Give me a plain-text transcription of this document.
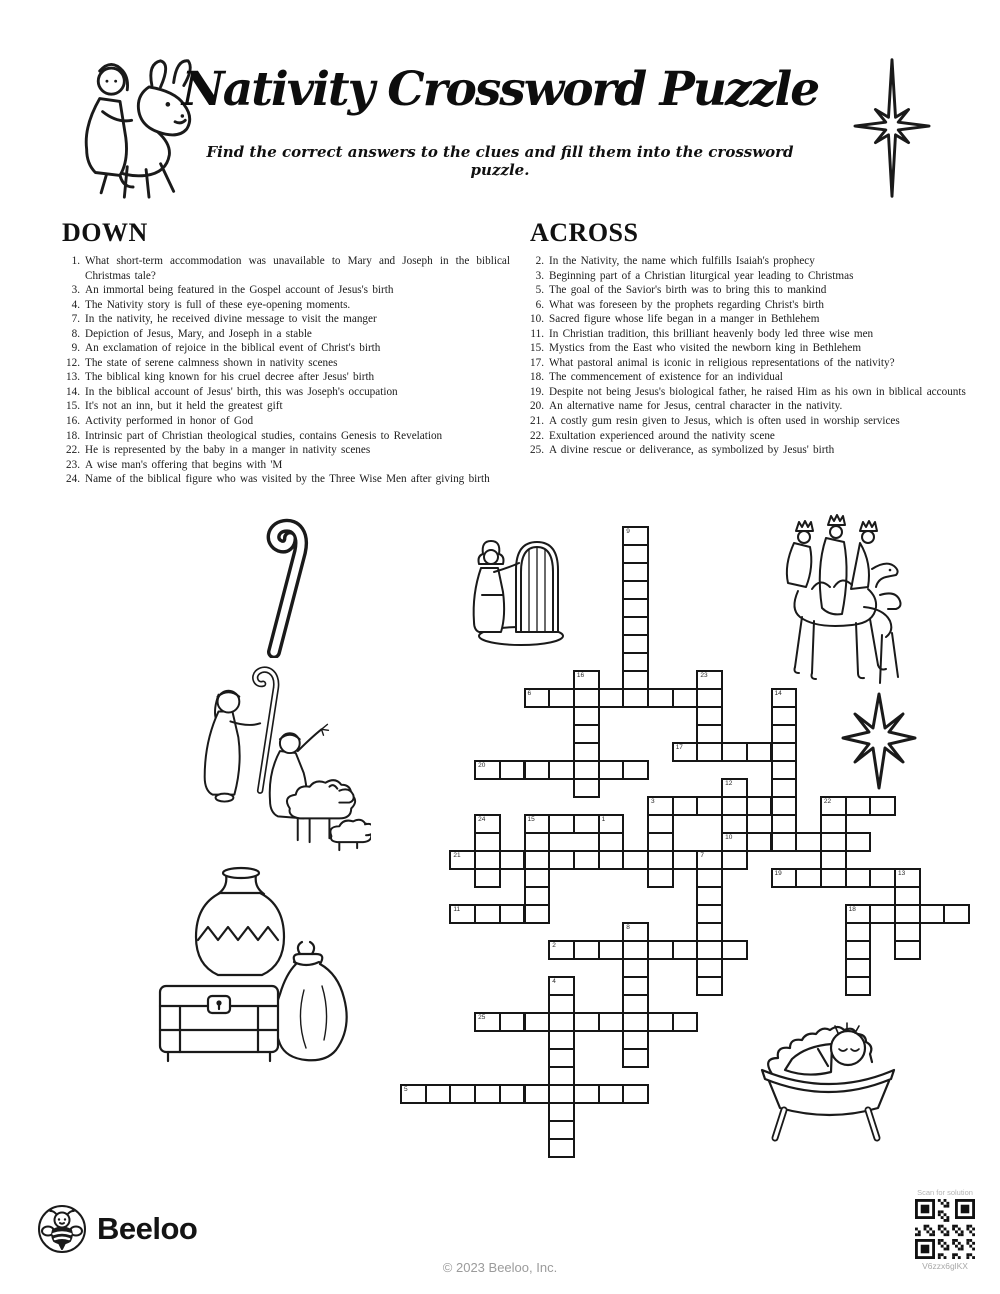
Nativity Crossword Puzzle
Find the correct answers to the clues and fill them into the crossword puzzle.
DOWN
1. What short-term accommodation was unavailable to Mary and Joseph in the biblical Christmas tale?
3. An immortal being featured in the Gospel account of Jesus's birth
4. The Nativity story is full of these eye-opening moments.
7. In the nativity, he received divine message to visit the manger
8. Depiction of Jesus, Mary, and Joseph in a stable
9. An exclamation of rejoice in the biblical event of Christ's birth
12. The state of serene calmness shown in nativity scenes
13. The biblical king known for his cruel decree after Jesus' birth
14. In the biblical account of Jesus' birth, this was Joseph's occupation
15. It's not an inn, but it held the greatest gift
16. Activity performed in honor of God
18. Intrinsic part of Christian theological studies, contains Genesis to Revelation
22. He is represented by the baby in a manger in nativity scenes
23. A wise man's offering that begins with 'M
24. Name of the biblical figure who was visited by the Three Wise Men after giving birth
ACROSS
2. In the Nativity, the name which fulfills Isaiah's prophecy
3. Beginning part of a Christian liturgical year leading to Christmas
5. The goal of the Savior's birth was to bring this to mankind
6. What was foreseen by the prophets regarding Christ's birth
10. Sacred figure whose life began in a manger in Bethlehem
11. In Christian tradition, this brilliant heavenly body led three wise men
15. Mystics from the East who visited the newborn king in Bethlehem
17. What pastoral animal is iconic in religious representations of the nativity?
18. The commencement of existence for an individual
19. Despite not being Jesus's biological father, he raised Him as his own in biblical accounts
20. An alternative name for Jesus, central character in the nativity.
21. A costly gum resin given to Jesus, which is often used in worship services
22. Exultation experienced around the nativity scene
25. A divine rescue or deliverance, as symbolized by Jesus' birth
2
3
5
6
10
11
15	1
17
18
19	13
20
21	7
22
25
4
8
9
12
14
16	23
24
Beeloo
© 2023 Beeloo, Inc.
Scan for solution
V6zzx6glKX
